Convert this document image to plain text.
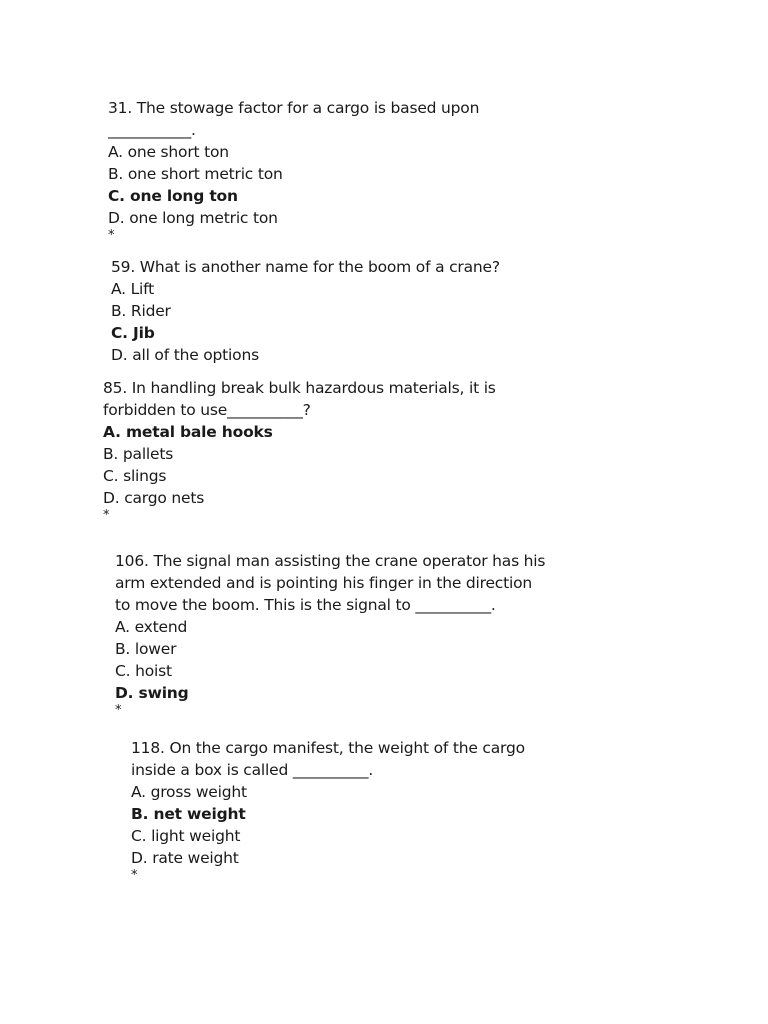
31. The stowage factor for a cargo is based upon
___________.
A. one short ton
B. one short metric ton
C. one long ton
D. one long metric ton
*
59. What is another name for the boom of a crane?
A. Lift
B. Rider
C. Jib
D. all of the options
85. In handling break bulk hazardous materials, it is
forbidden to use__________?
A. metal bale hooks
B. pallets
C. slings
D. cargo nets
*
106. The signal man assisting the crane operator has his
arm extended and is pointing his finger in the direction
to move the boom. This is the signal to __________.
A. extend
B. lower
C. hoist
D. swing
*
118. On the cargo manifest, the weight of the cargo
inside a box is called __________.
A. gross weight
B. net weight
C. light weight
D. rate weight
*
